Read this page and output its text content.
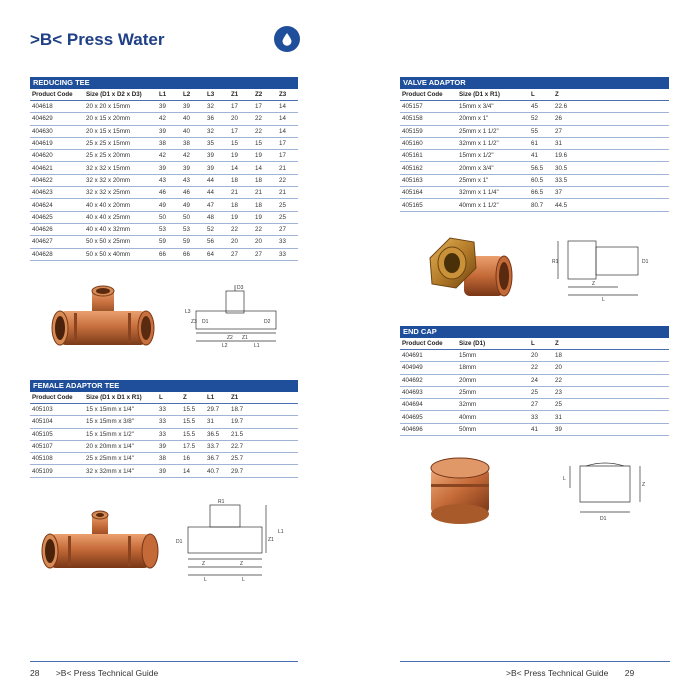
>B< Press Water
REDUCING TEE
Product Code	Size (D1 x D2 x D3)	L1	L2	L3	Z1	Z2	Z3
404618	20 x 20 x 15mm	39	39	32	17	17	14
404629	20 x 15 x 20mm	42	40	36	20	22	14
404630	20 x 15 x 15mm	39	40	32	17	22	14
404619	25 x 25 x 15mm	38	38	35	15	15	17
404620	25 x 25 x 20mm	42	42	39	19	19	17
404621	32 x 32 x 15mm	39	39	39	14	14	21
404622	32 x 32 x 20mm	43	43	44	18	18	22
404623	32 x 32 x 25mm	46	46	44	21	21	21
404624	40 x 40 x 20mm	49	49	47	18	18	25
404625	40 x 40 x 25mm	50	50	48	19	19	25
404626	40 x 40 x 32mm	53	53	52	22	22	27
404627	50 x 50 x 25mm	59	59	56	20	20	33
404628	50 x 50 x 40mm	66	66	64	27	27	33
FEMALE ADAPTOR TEE
Product Code	Size (D1 x D1 x R1)	L	Z	L1	Z1
405103	15 x 15mm x 1/4"	33	15.5	29.7	18.7
405104	15 x 15mm x 3/8"	33	15.5	31	19.7
405105	15 x 15mm x 1/2"	33	15.5	36.5	21.5
405107	20 x 20mm x 1/4"	39	17.5	33.7	22.7
405108	25 x 25mm x 1/4"	38	16	36.7	25.7
405109	32 x 32mm x 1/4"	39	14	40.7	29.7
VALVE ADAPTOR
Product Code	Size (D1 x R1)	L	Z
405157	15mm x 3/4"	45	22.6
405158	20mm x 1"	52	26
405159	25mm x 1 1/2"	55	27
405160	32mm x 1 1/2"	61	31
405161	15mm x 1/2"	41	19.6
405162	20mm x 3/4"	56.5	30.5
405163	25mm x 1"	60.5	33.5
405164	32mm x 1 1/4"	66.5	37
405165	40mm x 1 1/2"	80.7	44.5
END CAP
Product Code	Size (D1)	L	Z
404691	15mm	20	18
404949	18mm	22	20
404692	20mm	24	22
404693	25mm	25	23
404694	32mm	27	25
404695	40mm	33	31
404696	50mm	41	39
D3
L3
Z3 D1	D2
Z2 Z1
L2	L1
R1
D1	Z1
L1
Z	Z
L	L
R1	D1
Z
L
L
Z
D1
28 >B< Press Technical Guide	>B< Press Technical Guide 29
